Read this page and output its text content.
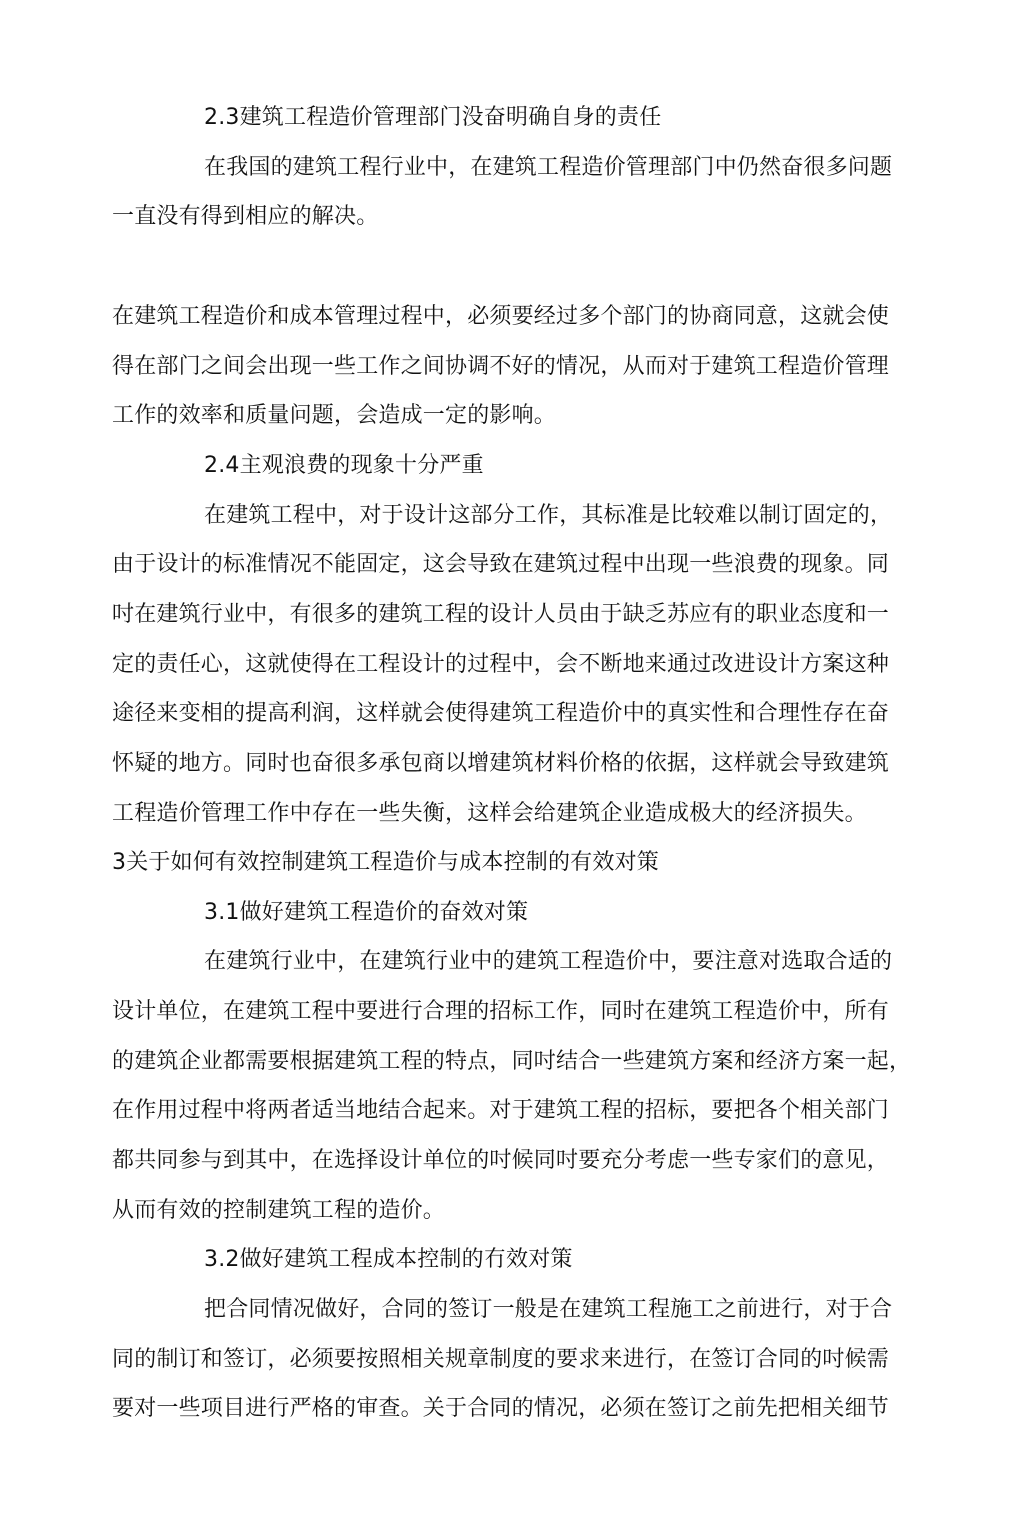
2.3建筑工程造价管理部门没奋明确自身的责任
在我国的建筑工程行业中，在建筑工程造价管理部门中仍然奋很多问题
一直没有得到相应的解决。
在建筑工程造价和成本管理过程中，必须要经过多个部门的协商同意，这就会使
得在部门之间会出现一些工作之间协调不好的情况，从而对于建筑工程造价管理
工作的效率和质量问题，会造成一定的影响。
2.4主观浪费的现象十分严重
在建筑工程中，对于设计这部分工作，其标准是比较难以制订固定的，
由于设计的标准情况不能固定，这会导致在建筑过程中出现一些浪费的现象。同
吋在建筑行业中，有很多的建筑工程的设计人员由于缺乏苏应有的职业态度和一
定的责任心，这就使得在工程设计的过程中，会不断地来通过改进设计方案这种
途径来变相的提高利润，这样就会使得建筑工程造价中的真实性和合理性存在奋
怀疑的地方。同时也奋很多承包商以增建筑材料价格的依据，这样就会导致建筑
工程造价管理工作中存在一些失衡，这样会给建筑企业造成极大的经济损失。
3关于如何有效控制建筑工程造价与成本控制的有效对策
3.1做好建筑工程造价的奋效对策
在建筑行业中，在建筑行业中的建筑工程造价中，要注意对选取合适的
设计单位，在建筑工程中要进行合理的招标工作，同时在建筑工程造价中，所有
的建筑企业都需要根据建筑工程的特点，同吋结合一些建筑方案和经济方案一起，
在作用过程中将两者适当地结合起来。对于建筑工程的招标，要把各个相关部门
都共同参与到其中，在选择设计单位的吋候同吋要充分考虑一些专家们的意见，
从而有效的控制建筑工程的造价。
3.2做好建筑工程成本控制的冇效对策
把合同情况做好，合同的签订一般是在建筑工程施工之前进行，对于合
同的制订和签订，必须要按照相关规章制度的要求来进行，在签订合同的吋候需
要对一些项目进行严格的审查。关于合同的情况，必须在签订之前先把相关细节
